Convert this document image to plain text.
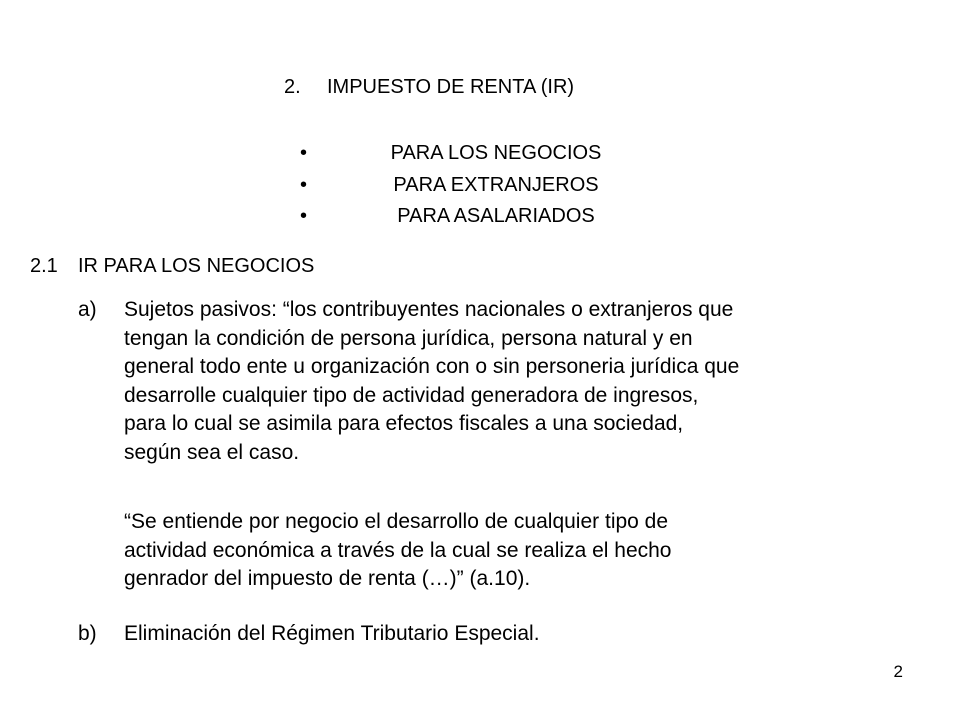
2. IMPUESTO DE RENTA (IR)
•	PARA LOS NEGOCIOS
•	PARA EXTRANJEROS
•	PARA ASALARIADOS
2.1 IR PARA LOS NEGOCIOS
a) Sujetos pasivos: “los contribuyentes nacionales o extranjeros que
tengan la condición de persona jurídica, persona natural y en
general todo ente u organización con o sin personeria jurídica que
desarrolle cualquier tipo de actividad generadora de ingresos,
para lo cual se asimila para efectos fiscales a una sociedad,
según sea el caso.
“Se entiende por negocio el desarrollo de cualquier tipo de
actividad económica a través de la cual se realiza el hecho
genrador del impuesto de renta (…)” (a.10).
b) Eliminación del Régimen Tributario Especial.
2
